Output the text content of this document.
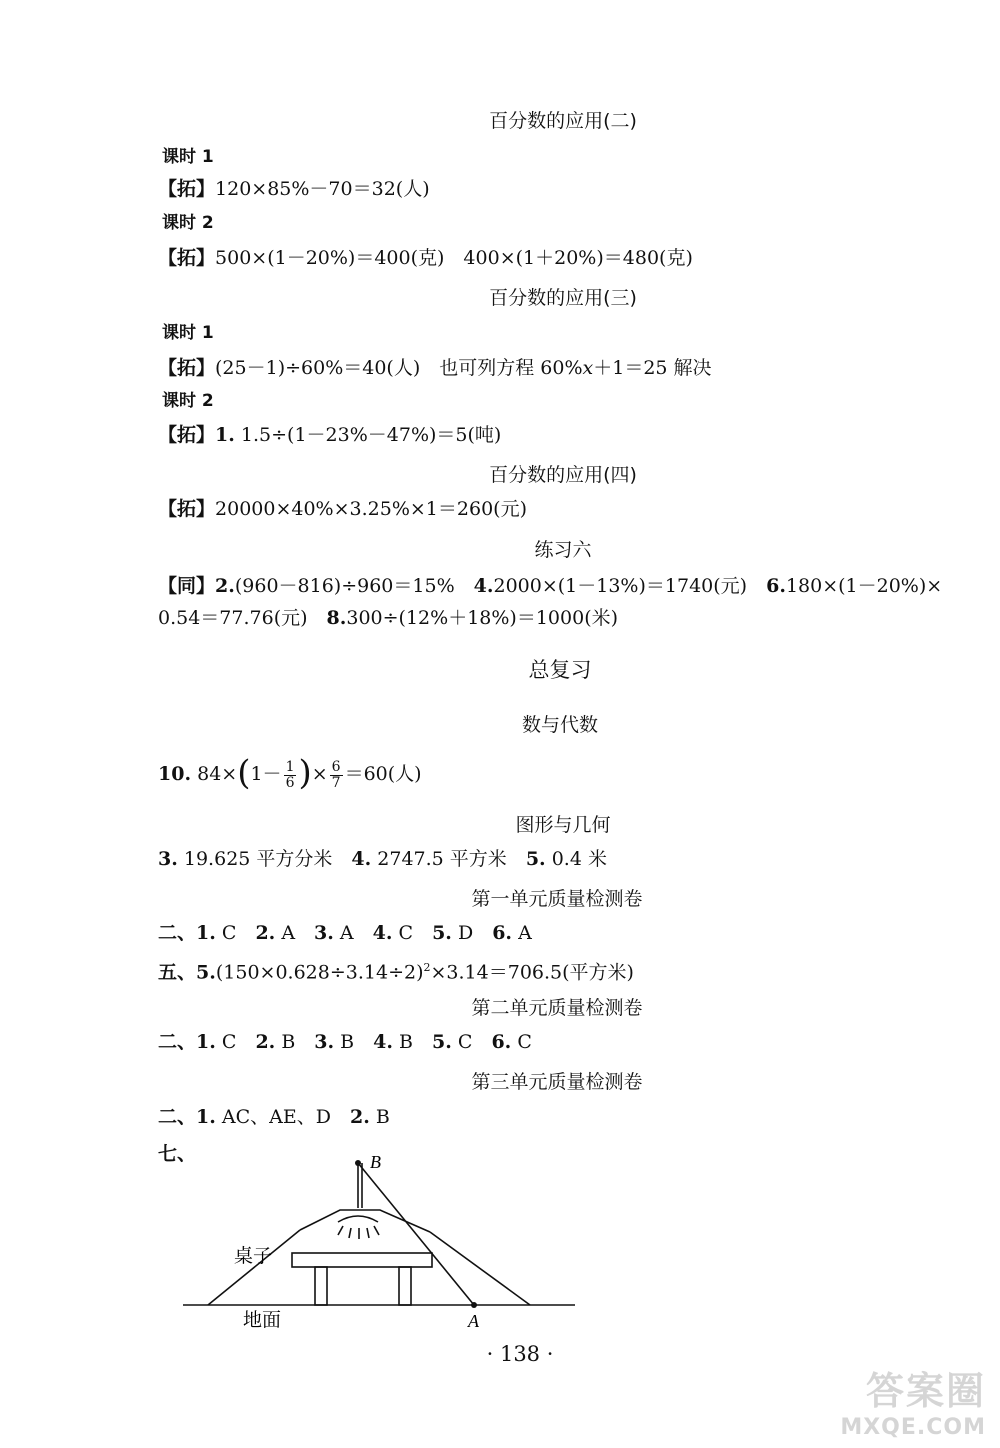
百分数的应用(二)
课时 1
【拓】120×85%－70＝32(人)
课时 2
【拓】500×(1－20%)＝400(克)　400×(1＋20%)＝480(克)
百分数的应用(三)
课时 1
【拓】(25－1)÷60%＝40(人)　也可列方程 60%x＋1＝25 解决
课时 2
【拓】1. 1.5÷(1－23%－47%)＝5(吨)
百分数的应用(四)
【拓】20000×40%×3.25%×1＝260(元)
练习六
【同】2.(960－816)÷960＝15%　4.2000×(1－13%)＝1740(元)　6.180×(1－20%)×
0.54＝77.76(元)　8.300÷(12%＋18%)＝1000(米)
总复习
数与代数
10. $84\times(1- \frac{1}{6}$ )× $\frac{6}{7} =60$(人)
图形与几何
3. 19.625 平方分米　4. 2747.5 平方米　5. 0.4 米
第一单元质量检测卷
二、1. C　2. A　3. A　4. C　5. D　6. A
五、$5.(150\times 0.628\div 3.14\div 2)^2\times 3.14=706.5$(平方米)
第二单元质量检测卷
二、1. C　2. B　3. B　4. B　5. C　6. C
第三单元质量检测卷
二、1. AC、AE、D　2. B
七、	B
A
桌子
地面
· 138 ·
答案圈
MXQE.COM
